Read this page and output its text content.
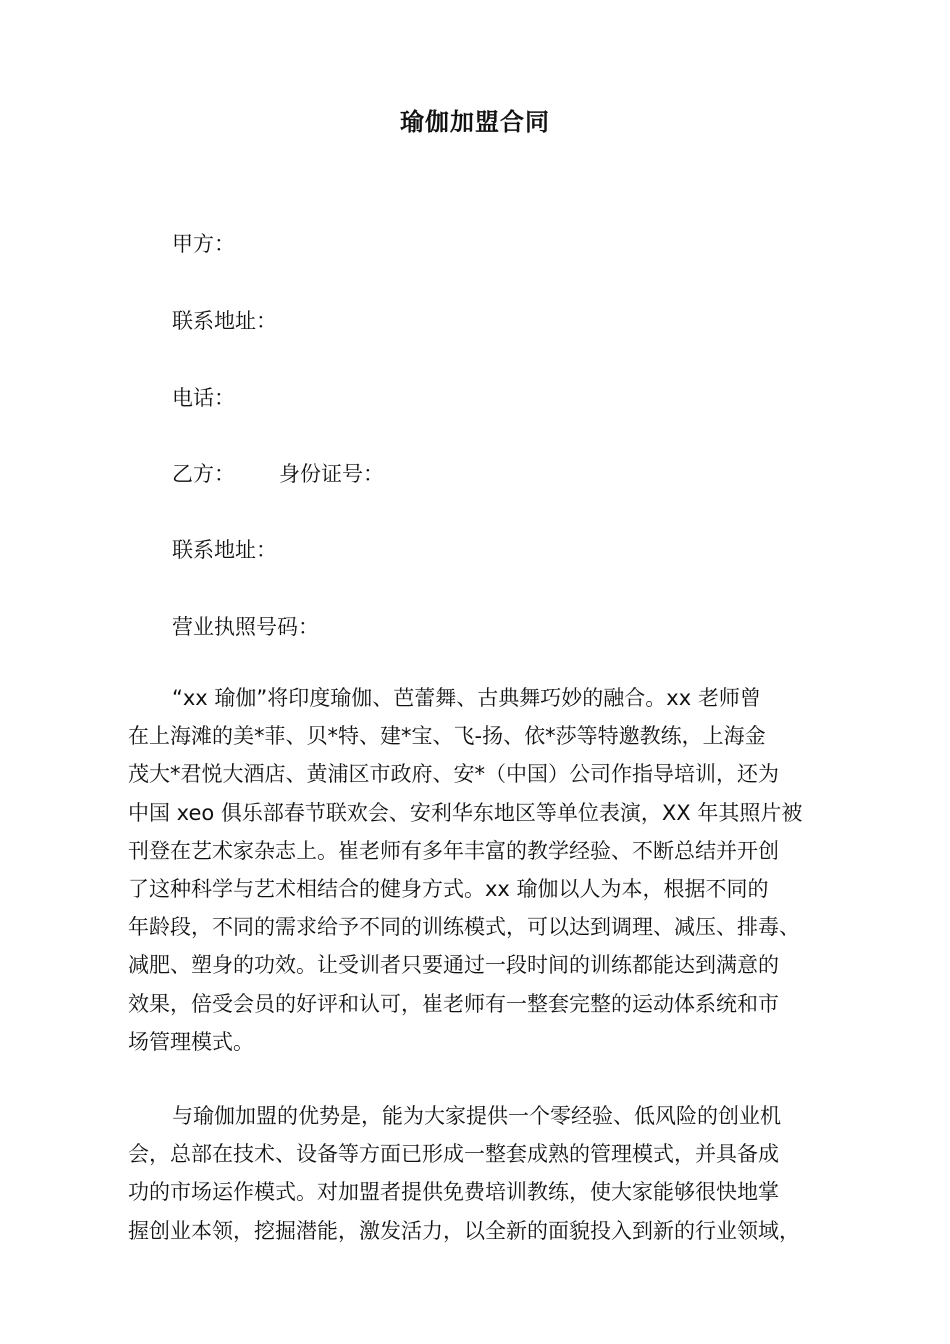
瑜伽加盟合同
甲方：
联系地址：
电话：
乙方： 身份证号：
联系地址：
营业执照号码：
“xx 瑜伽”将印度瑜伽、芭蕾舞、古典舞巧妙的融合。xx 老师曾
在上海滩的美*菲、贝*特、建*宝、飞-扬、依*莎等特邀教练，上海金
茂大*君悦大酒店、黄浦区市政府、安*（中国）公司作指导培训，还为
中国 xeo 俱乐部春节联欢会、安利华东地区等单位表演，XX 年其照片被
刊登在艺术家杂志上。崔老师有多年丰富的教学经验、不断总结并开创
了这种科学与艺术相结合的健身方式。xx 瑜伽以人为本，根据不同的
年龄段，不同的需求给予不同的训练模式，可以达到调理、减压、排毒、
减肥、塑身的功效。让受训者只要通过一段时间的训练都能达到满意的
效果，倍受会员的好评和认可，崔老师有一整套完整的运动体系统和市
场管理模式。
与瑜伽加盟的优势是，能为大家提供一个零经验、低风险的创业机
会，总部在技术、设备等方面已形成一整套成熟的管理模式，并具备成
功的市场运作模式。对加盟者提供免费培训教练，使大家能够很快地掌
握创业本领，挖掘潜能，激发活力，以全新的面貌投入到新的行业领域，
